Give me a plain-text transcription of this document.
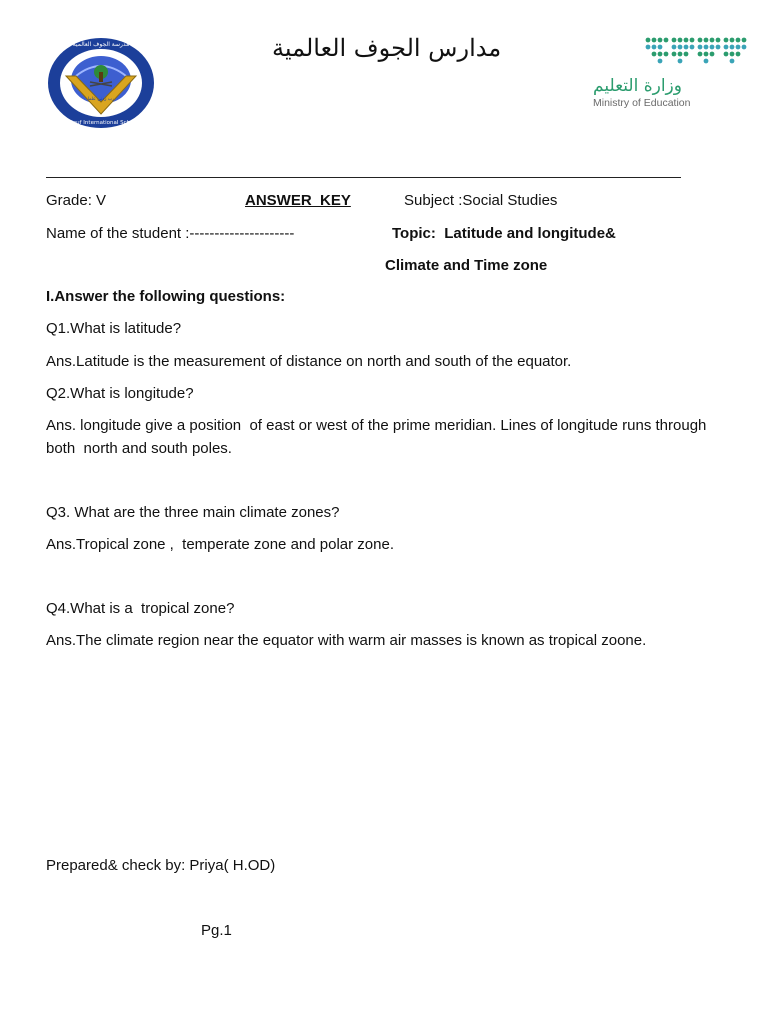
مدرسة الجوف العالمية
Al-Jouf International School
رب زدني علما
مدارس الجوف العالمية
وزارة التعليم
Ministry of Education
Grade: V	ANSWER  KEY	Subject :Social Studies
Name of the student :---------------------	Topic:  Latitude and longitude&
Climate and Time zone
I.Answer the following questions:
Q1.What is latitude?
Ans.Latitude is the measurement of distance on north and south of the equator.
Q2.What is longitude?
Ans. longitude give a position  of east or west of the prime meridian. Lines of longitude runs through both  north and south poles.
Q3. What are the three main climate zones?
Ans.Tropical zone ,  temperate zone and polar zone.
Q4.What is a  tropical zone?
Ans.The climate region near the equator with warm air masses is known as tropical zoone.
Prepared& check by: Priya( H.OD)
Pg.1
